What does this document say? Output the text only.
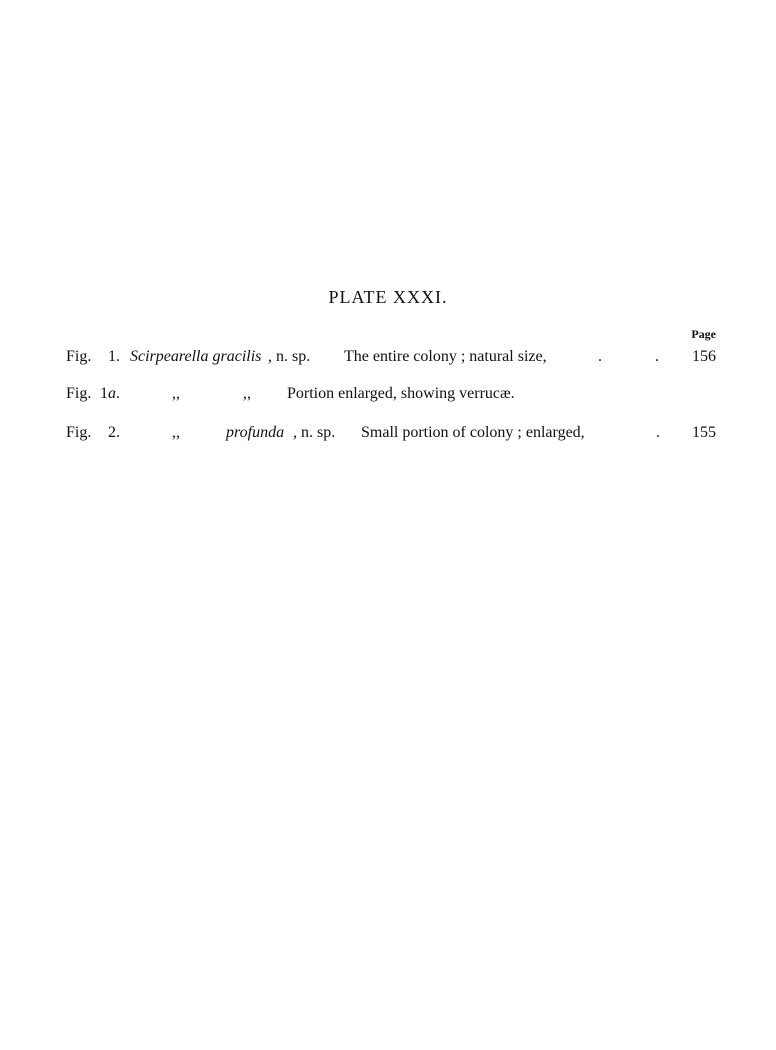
PLATE XXXI.
Page
Fig. 1. Scirpearella gracilis , n. sp. The entire colony ; natural size,	.	. 156
Fig. 1a.	,,	,, Portion enlarged, showing verrucæ.
Fig. 2.	,,	profunda , n. sp. Small portion of colony ; enlarged,	. 155
